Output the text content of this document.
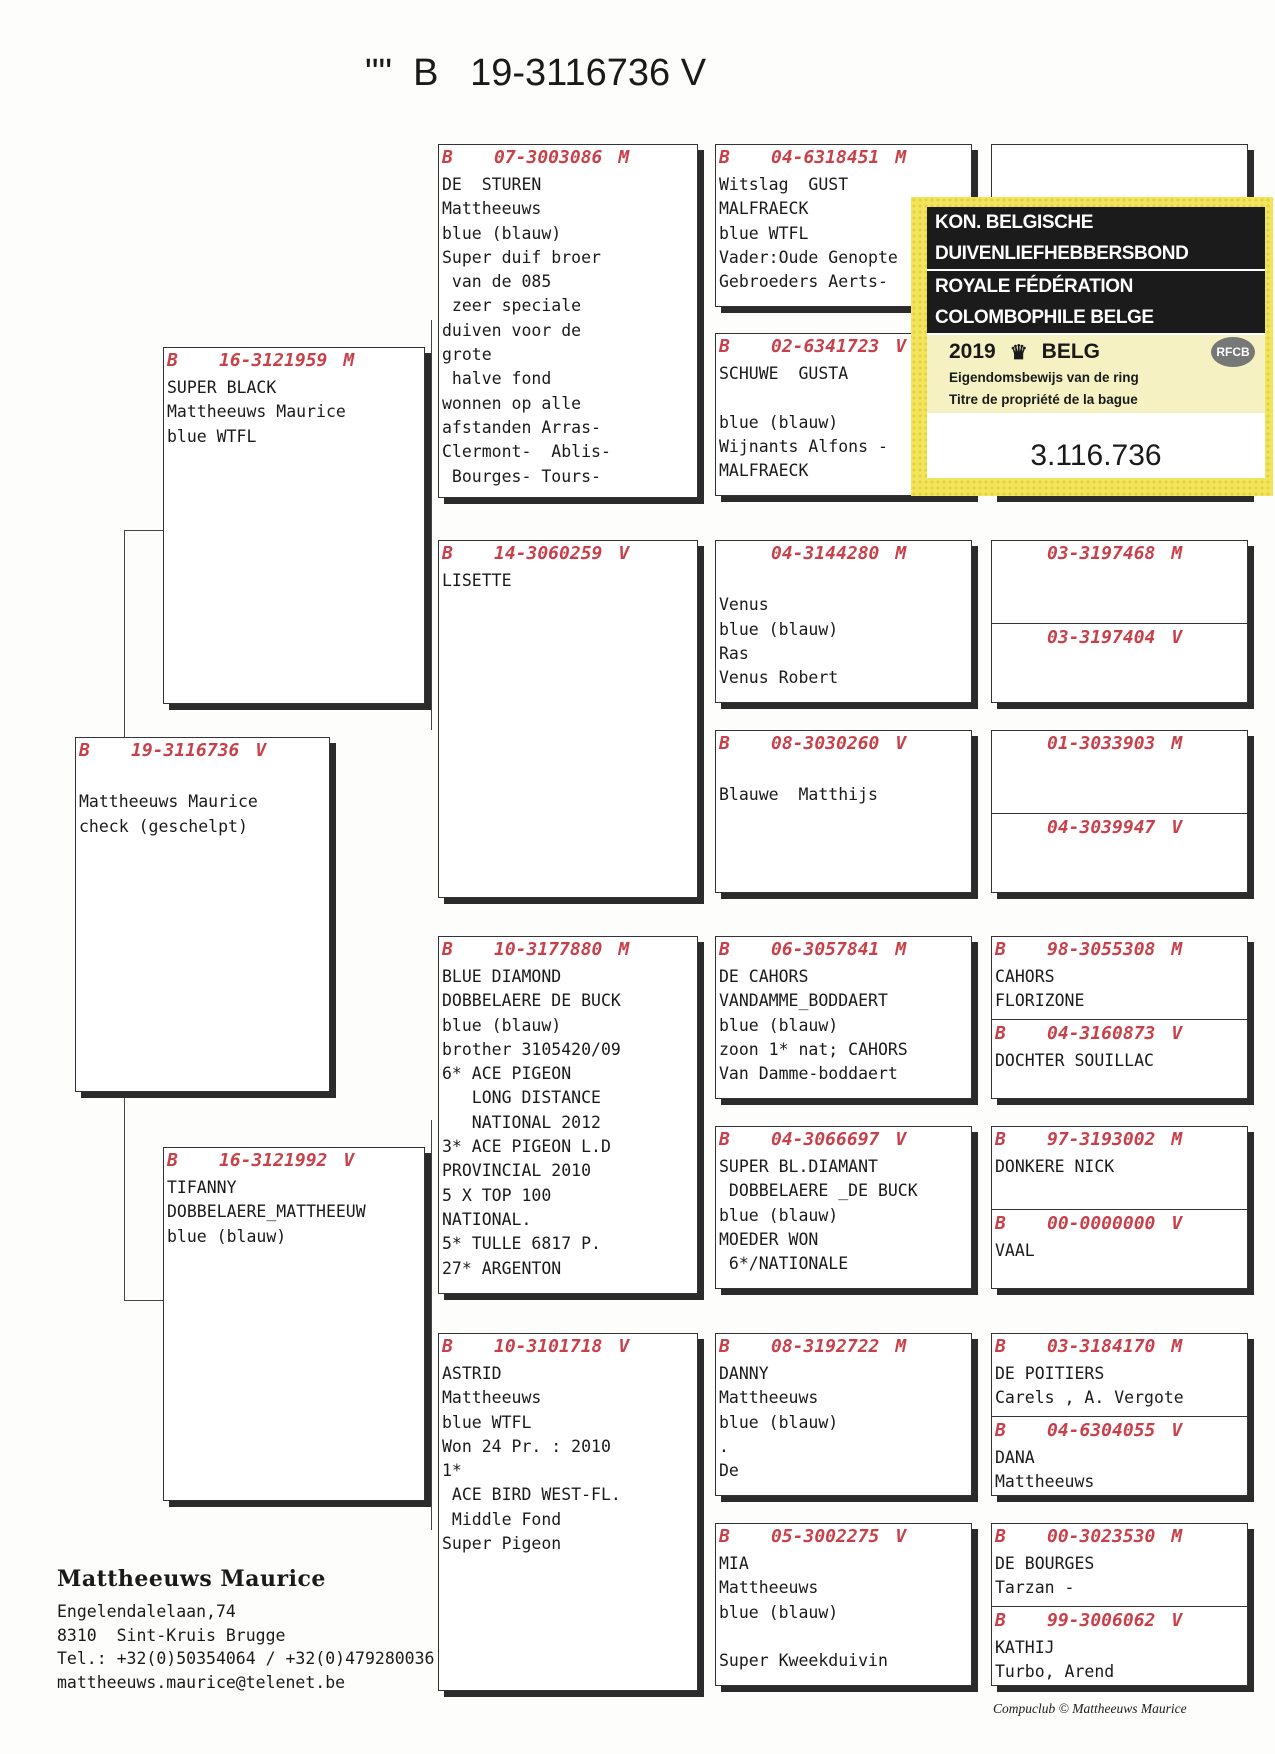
""  B   19-3116736 V
B	19-3116736 V

Mattheeuws Maurice
check (geschelpt)
B	16-3121959 M
SUPER BLACK
Mattheeuws Maurice
blue WTFL
B	16-3121992 V
TIFANNY
DOBBELAERE_MATTHEEUW
blue (blauw)
B	07-3003086 M
DE  STUREN
Mattheeuws
blue (blauw)
Super duif broer
van de 085
zeer speciale
duiven voor de
grote
halve fond
wonnen op alle
afstanden Arras-
Clermont-  Ablis-
Bourges- Tours-
B	14-3060259 V
LISETTE
B	10-3177880 M
BLUE DIAMOND
DOBBELAERE DE BUCK
blue (blauw)
brother 3105420/09
6* ACE PIGEON
LONG DISTANCE
NATIONAL 2012
3* ACE PIGEON L.D
PROVINCIAL 2010
5 X TOP 100
NATIONAL.
5* TULLE 6817 P.
27* ARGENTON
B	10-3101718 V
ASTRID
Mattheeuws
blue WTFL
Won 24 Pr. : 2010
1*
ACE BIRD WEST-FL.
Middle Fond
Super Pigeon
B	04-6318451 M
Witslag  GUST
MALFRAECK
blue WTFL
Vader:Oude Genopte
Gebroeders Aerts-
B	02-6341723 V
SCHUWE  GUSTA

blue (blauw)
Wijnants Alfons -
MALFRAECK
04-3144280 M

Venus
blue (blauw)
Ras
Venus Robert
B	08-3030260 V

Blauwe  Matthijs
B	06-3057841 M
DE CAHORS
VANDAMME_BODDAERT
blue (blauw)
zoon 1* nat; CAHORS
Van Damme-boddaert
B	04-3066697 V
SUPER BL.DIAMANT
DOBBELAERE _DE BUCK
blue (blauw)
MOEDER WON
6*/NATIONALE
B	08-3192722 M
DANNY
Mattheeuws
blue (blauw)
.
De
B	05-3002275 V
MIA
Mattheeuws
blue (blauw)

Super Kweekduivin
03-3197468 M
03-3197404 V
01-3033903 M
04-3039947 V
B	98-3055308 M
CAHORS
FLORIZONE
B	04-3160873 V
DOCHTER SOUILLAC
B	97-3193002 M
DONKERE NICK
B	00-0000000 V
VAAL
B	03-3184170 M
DE POITIERS
Carels , A. Vergote
B	04-6304055 V
DANA
Mattheeuws
B	00-3023530 M
DE BOURGES
Tarzan -
B	99-3006062 V
KATHIJ
Turbo, Arend
KON. BELGISCHE DUIVENLIEFHEBBERSBOND
ROYALE FÉDÉRATION COLOMBOPHILE BELGE
2019 ♛ BELG	RFCB
Eigendomsbewijs van de ring
Titre de propriété de la bague
3.116.736
Mattheeuws Maurice
Engelendalelaan,74
8310  Sint-Kruis Brugge
Tel.: +32(0)50354064 / +32(0)479280036
mattheeuws.maurice@telenet.be
Compuclub © Mattheeuws Maurice
